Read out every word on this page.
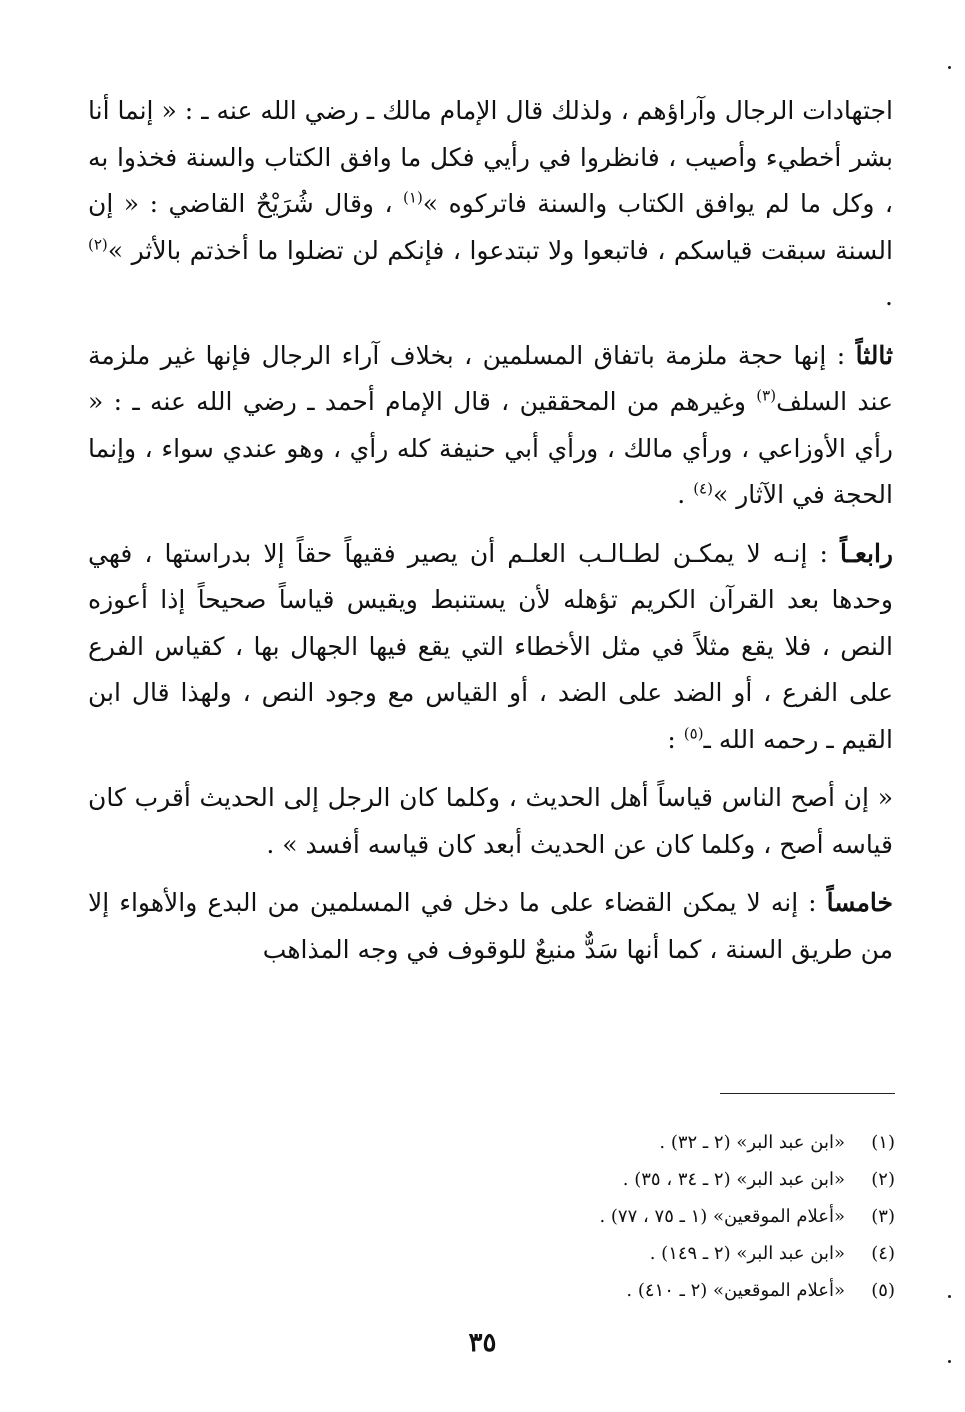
اجتهادات الرجال وآراؤهم ، ولذلك قال الإمام مالك ـ رضي الله عنه ـ : « إنما أنا بشر أخطيء وأصيب ، فانظروا في رأيي فكل ما وافق الكتاب والسنة فخذوا به ، وكل ما لم يوافق الكتاب والسنة فاتركوه »$^{(١)}$ ، وقال شُرَيْحٌ القاضي : « إن السنة سبقت قياسكم ، فاتبعوا ولا تبتدعوا ، فإنكم لن تضلوا ما أخذتم بالأثر »$^{(٢)}$ .

ثالثاً : إنها حجة ملزمة باتفاق المسلمين ، بخلاف آراء الرجال فإنها غير ملزمة عند السلف$^{(٣)}$ وغيرهم من المحققين ، قال الإمام أحمد ـ رضي الله عنه ـ : « رأي الأوزاعي ، ورأي مالك ، ورأي أبي حنيفة كله رأي ، وهو عندي سواء ، وإنما الحجة في الآثار »$^{(٤)}$ .

رابعـاً : إنـه لا يمكـن لطـالـب العلـم أن يصير فقيهاً حقاً إلا بدراستها ، فهي وحدها بعد القرآن الكريم تؤهله لأن يستنبط ويقيس قياساً صحيحاً إذا أعوزه النص ، فلا يقع مثلاً في مثل الأخطاء التي يقع فيها الجهال بها ، كقياس الفرع على الفرع ، أو الضد على الضد ، أو القياس مع وجود النص ، ولهذا قال ابن القيم ـ رحمه الله ـ$^{(٥)}$ :

« إن أصح الناس قياساً أهل الحديث ، وكلما كان الرجل إلى الحديث أقرب كان قياسه أصح ، وكلما كان عن الحديث أبعد كان قياسه أفسد » .

خامساً : إنه لا يمكن القضاء على ما دخل في المسلمين من البدع والأهواء إلا من طريق السنة ، كما أنها سَدٌّ منيعٌ للوقوف في وجه المذاهب

(١)«ابن عبد البر» (٢ ـ ٣٢) .
(٢)«ابن عبد البر» (٢ ـ ٣٤ ، ٣٥) .
(٣)«أعلام الموقعين» (١ ـ ٧٥ ، ٧٧) .
(٤)«ابن عبد البر» (٢ ـ ١٤٩) .
(٥)«أعلام الموقعين» (٢ ـ ٤١٠) .
٣٥
